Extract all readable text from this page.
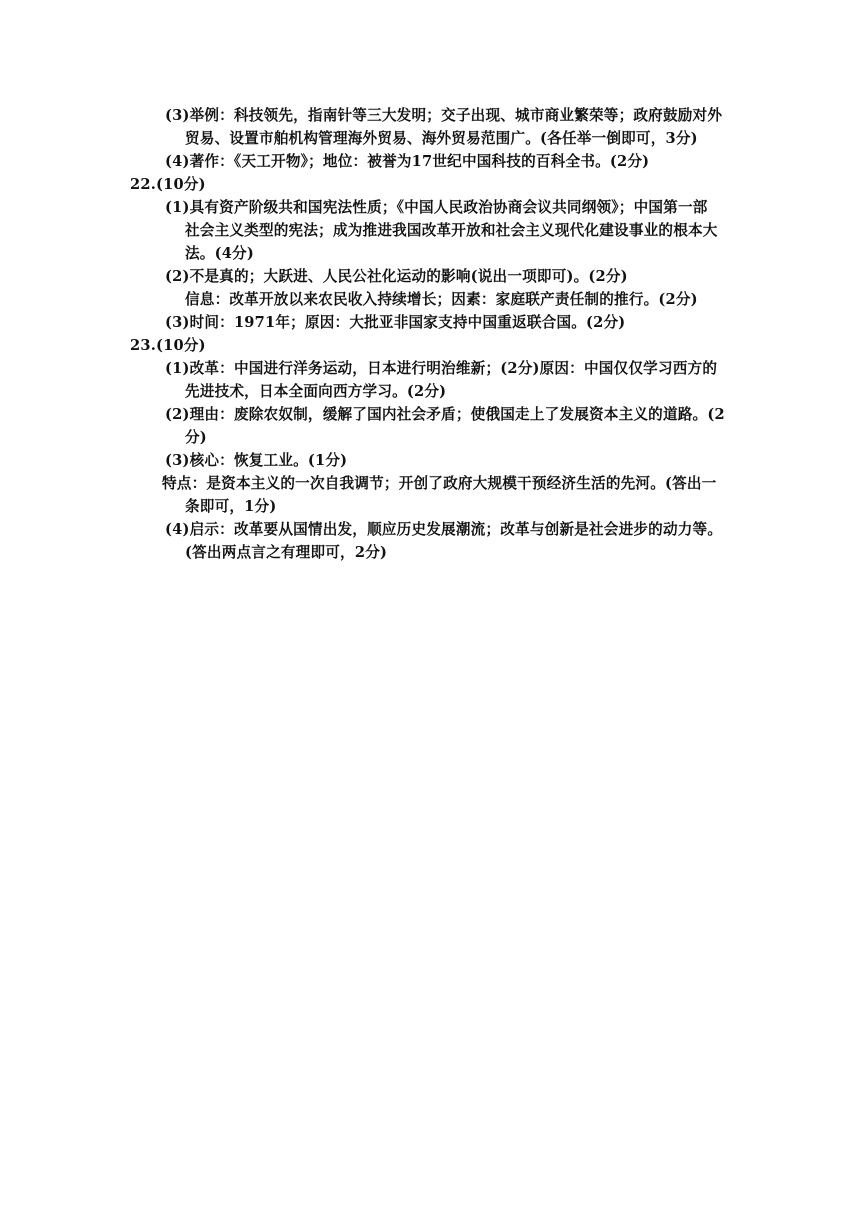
(3)举例：科技领先，指南针等三大发明；交子出现、城市商业繁荣等；政府鼓励对外
贸易、设置市舶机构管理海外贸易、海外贸易范围广。(各任举一倒即可，3分)
(4)著作：《天工开物》；地位：被誉为17世纪中国科技的百科全书。(2分)
22.(10分)
(1)具有资产阶级共和国宪法性质；《中国人民政治协商会议共同纲领》；中国第一部
社会主义类型的宪法；成为推进我国改革开放和社会主义现代化建设事业的根本大
法。(4分)
(2)不是真的；大跃进、人民公社化运动的影响(说出一项即可)。(2分)
信息：改革开放以来农民收入持续增长；因素：家庭联产责任制的推行。(2分)
(3)时间：1971年；原因：大批亚非国家支持中国重返联合国。(2分)
23.(10分)
(1)改革：中国进行洋务运动，日本进行明治维新；(2分)原因：中国仅仅学习西方的
先进技术，日本全面向西方学习。(2分)
(2)理由：废除农奴制，缓解了国内社会矛盾；使俄国走上了发展资本主义的道路。(2
分)
(3)核心：恢复工业。(1分)
特点：是资本主义的一次自我调节；开创了政府大规模干预经济生活的先河。(答出一
条即可，1分)
(4)启示：改革要从国情出发，顺应历史发展潮流；改革与创新是社会进步的动力等。
(答出两点言之有理即可，2分)
